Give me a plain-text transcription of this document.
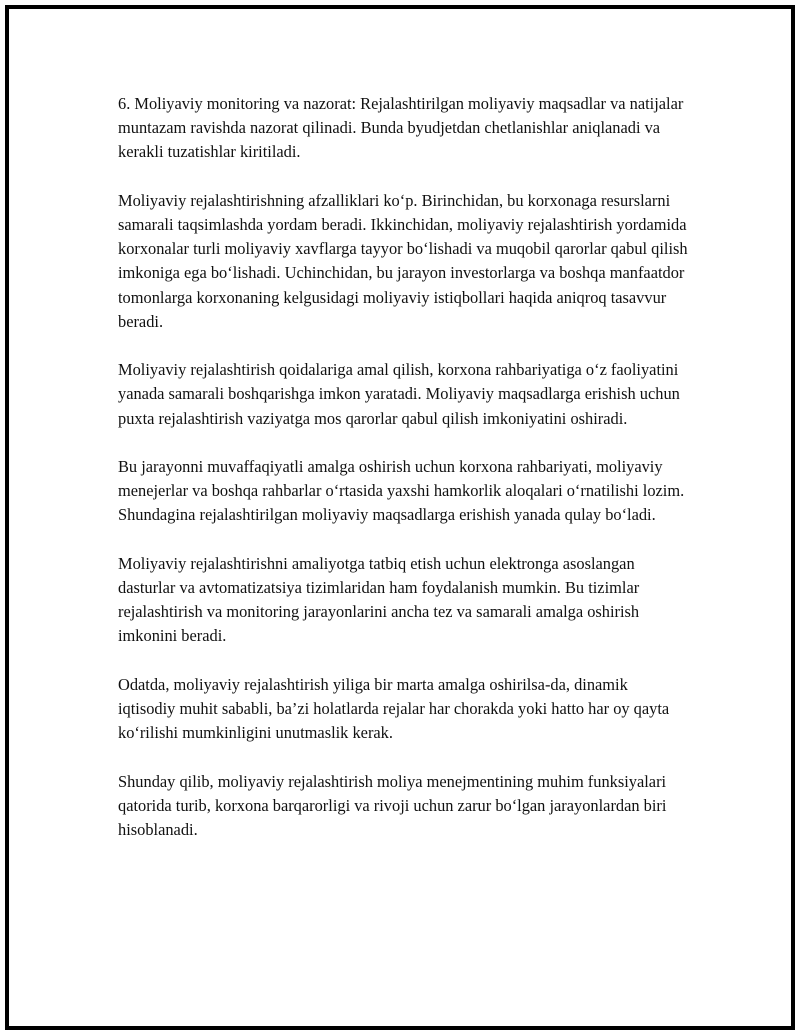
6. Moliyaviy monitoring va nazorat: Rejalashtirilgan moliyaviy maqsadlar va natijalar muntazam ravishda nazorat qilinadi. Bunda byudjetdan chetlanishlar aniqlanadi va kerakli tuzatishlar kiritiladi.

Moliyaviy rejalashtirishning afzalliklari ko‘p. Birinchidan, bu korxonaga resurslarni samarali taqsimlashda yordam beradi. Ikkinchidan, moliyaviy rejalashtirish yordamida korxonalar turli moliyaviy xavflarga tayyor bo‘lishadi va muqobil qarorlar qabul qilish imkoniga ega bo‘lishadi. Uchinchidan, bu jarayon investorlarga va boshqa manfaatdor tomonlarga korxonaning kelgusidagi moliyaviy istiqbollari haqida aniqroq tasavvur beradi.

Moliyaviy rejalashtirish qoidalariga amal qilish, korxona rahbariyatiga o‘z faoliyatini yanada samarali boshqarishga imkon yaratadi. Moliyaviy maqsadlarga erishish uchun puxta rejalashtirish vaziyatga mos qarorlar qabul qilish imkoniyatini oshiradi.

Bu jarayonni muvaffaqiyatli amalga oshirish uchun korxona rahbariyati, moliyaviy menejerlar va boshqa rahbarlar o‘rtasida yaxshi hamkorlik aloqalari o‘rnatilishi lozim. Shundagina rejalashtirilgan moliyaviy maqsadlarga erishish yanada qulay bo‘ladi.

Moliyaviy rejalashtirishni amaliyotga tatbiq etish uchun elektronga asoslangan dasturlar va avtomatizatsiya tizimlaridan ham foydalanish mumkin. Bu tizimlar rejalashtirish va monitoring jarayonlarini ancha tez va samarali amalga oshirish imkonini beradi.

Odatda, moliyaviy rejalashtirish yiliga bir marta amalga oshirilsa-da, dinamik iqtisodiy muhit sababli, ba’zi holatlarda rejalar har chorakda yoki hatto har oy qayta ko‘rilishi mumkinligini unutmaslik kerak.

Shunday qilib, moliyaviy rejalashtirish moliya menejmentining muhim funksiyalari qatorida turib, korxona barqarorligi va rivoji uchun zarur bo‘lgan jarayonlardan biri hisoblanadi.
